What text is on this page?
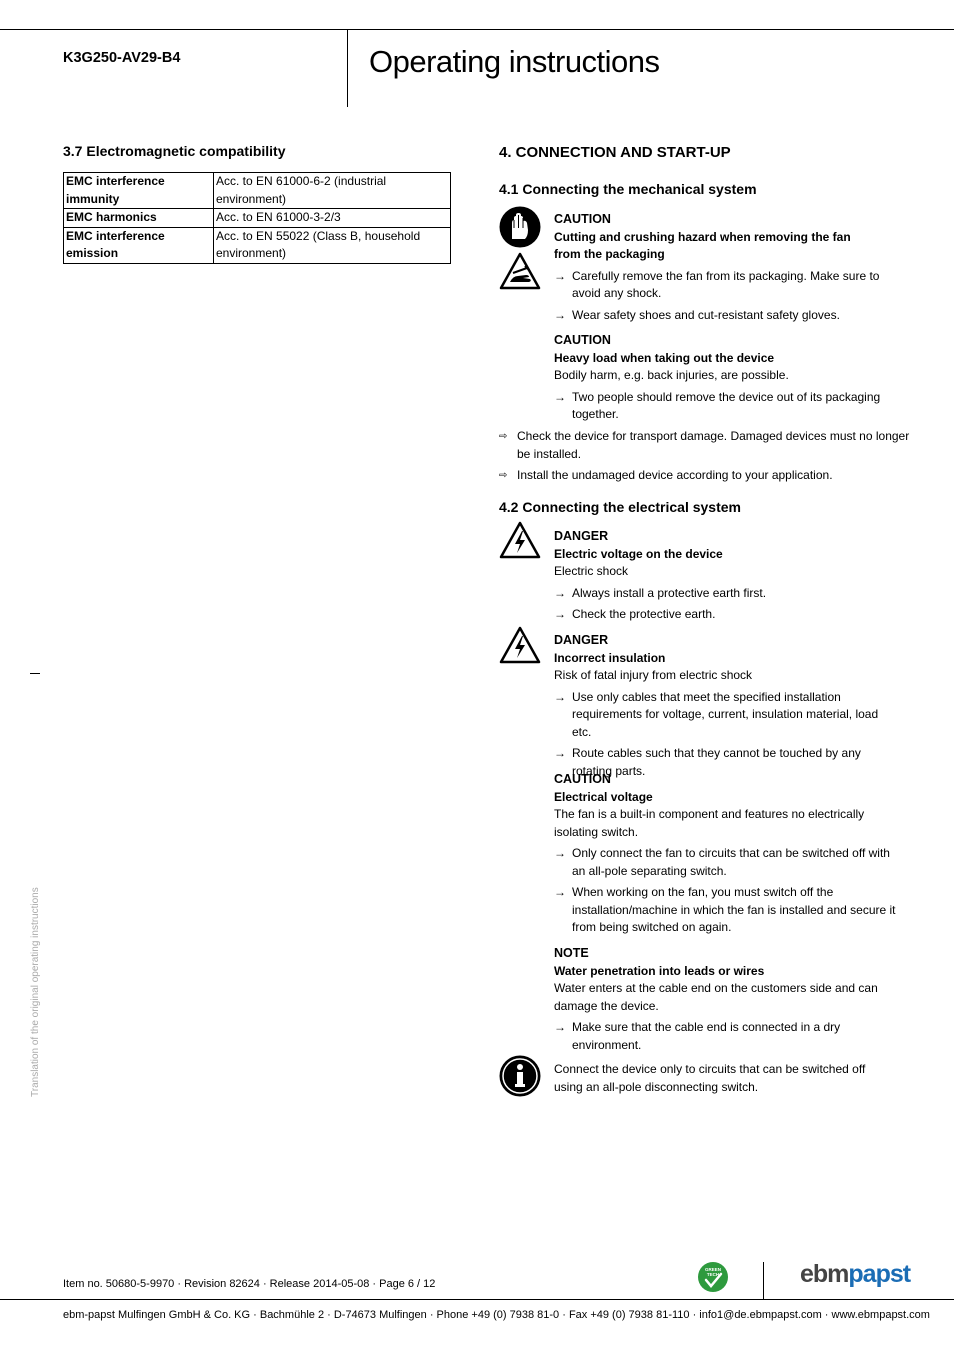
K3G250-AV29-B4	Operating instructions
3.7 Electromagnetic compatibility
EMC interference immunity	Acc. to EN 61000-6-2 (industrial environment)
EMC harmonics	Acc. to EN 61000-3-2/3
EMC interference emission	Acc. to EN 55022 (Class B, household environment)
Translation of the original operating instructions
4. CONNECTION AND START-UP
4.1 Connecting the mechanical system
CAUTION
Cutting and crushing hazard when removing the fan
from the packaging
→ Carefully remove the fan from its packaging. Make sure to avoid any shock.
→ Wear safety shoes and cut-resistant safety gloves.
CAUTION
Heavy load when taking out the device
Bodily harm, e.g. back injuries, are possible.
→ Two people should remove the device out of its packaging together.
⇨ Check the device for transport damage. Damaged devices must no longer be installed.
⇨ Install the undamaged device according to your application.
4.2 Connecting the electrical system
DANGER
Electric voltage on the device
Electric shock
→ Always install a protective earth first.
→ Check the protective earth.
DANGER
Incorrect insulation
Risk of fatal injury from electric shock
→ Use only cables that meet the specified installation requirements for voltage, current, insulation material, load etc.
→ Route cables such that they cannot be touched by any rotating parts.
CAUTION
Electrical voltage
The fan is a built-in component and features no electrically isolating switch.
→ Only connect the fan to circuits that can be switched off with an all-pole separating switch.
→ When working on the fan, you must switch off the installation/machine in which the fan is installed and secure it from being switched on again.
NOTE
Water penetration into leads or wires
Water enters at the cable end on the customers side and can damage the device.
→ Make sure that the cable end is connected in a dry environment.
Connect the device only to circuits that can be switched off using an all-pole disconnecting switch.
Item no. 50680-5-9970 · Revision 82624 · Release 2014-05-08 · Page 6 / 12
GREEN
TECH	ebmpapst
ebm-papst Mulfingen GmbH & Co. KG · Bachmühle 2 · D-74673 Mulfingen · Phone +49 (0) 7938 81-0 · Fax +49 (0) 7938 81-110 · info1@de.ebmpapst.com · www.ebmpapst.com
